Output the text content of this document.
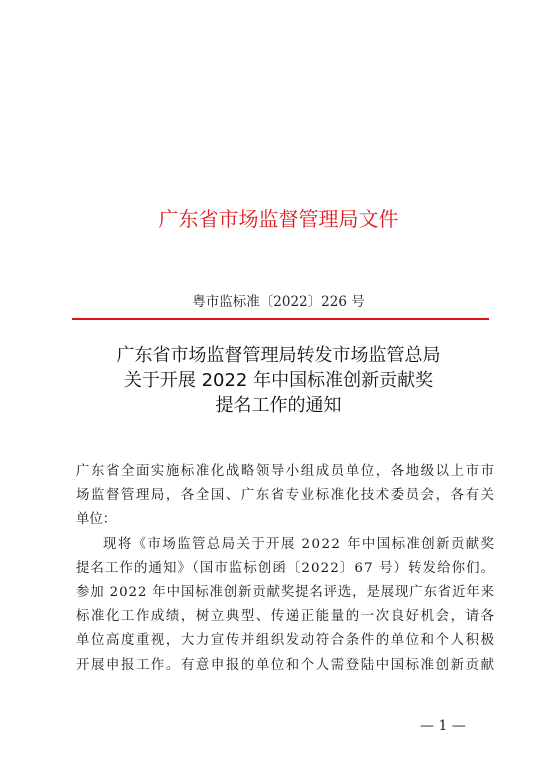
广东省市场监督管理局文件
粤市监标准〔2022〕226 号
广东省市场监督管理局转发市场监管总局
关于开展 2022 年中国标准创新贡献奖
提名工作的通知
广东省全面实施标准化战略领导小组成员单位，各地级以上市市
场监督管理局，各全国、广东省专业标准化技术委员会，各有关
单位：
现将《市场监管总局关于开展 2022 年中国标准创新贡献奖
提名工作的通知》（国市监标创函〔2022〕67 号）转发给你们。
参加 2022 年中国标准创新贡献奖提名评选，是展现广东省近年来
标准化工作成绩，树立典型、传递正能量的一次良好机会，请各
单位高度重视，大力宣传并组织发动符合条件的单位和个人积极
开展申报工作。有意申报的单位和个人需登陆中国标准创新贡献
— 1 —
